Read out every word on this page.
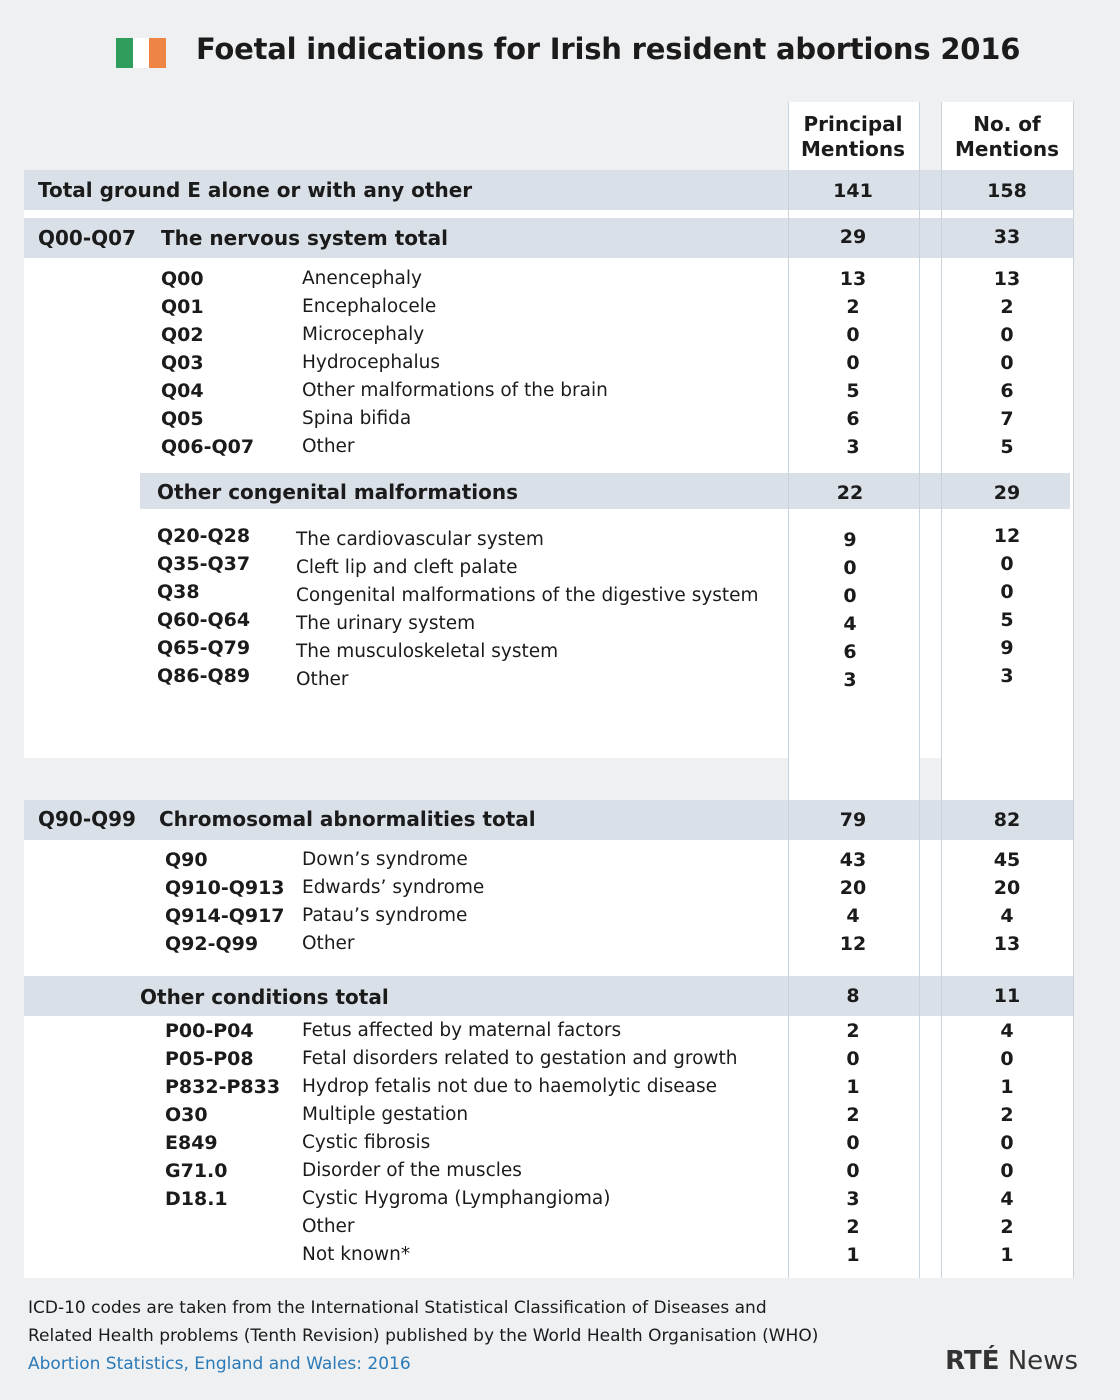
Foetal indications for Irish resident abortions 2016
Principal
Mentions
No. of
Mentions
Total ground E alone or with any other	141	158
Q00-Q07 The nervous system total	29	33
Q00	Anencephaly	13	13
Q01	Encephalocele	2	2
Q02	Microcephaly	0	0
Q03	Hydrocephalus	0	0
Q04	Other malformations of the brain	5	6
Q05	Spina bifida	6	7
Q06-Q07	Other	3	5
Other congenital malformations	22	29
Q20-Q28 The cardiovascular system	9	12
Q35-Q37 Cleft lip and cleft palate	0	0
Q38	Congenital malformations of the digestive system	0	0
Q60-Q64 The urinary system	4	5
Q65-Q79 The musculoskeletal system	6	9
Q86-Q89 Other	3	3
Q90-Q99 Chromosomal abnormalities total	79	82
Q90	Down’s syndrome	43	45
Q910-Q913 Edwards’ syndrome	20	20
Q914-Q917 Patau’s syndrome	4	4
Q92-Q99 Other	12	13
Other conditions total	8	11
P00-P04	Fetus affected by maternal factors	2	4
P05-P08	Fetal disorders related to gestation and growth	0	0
P832-P833 Hydrop fetalis not due to haemolytic disease	1	1
O30	Multiple gestation	2	2
E849	Cystic fibrosis	0	0
G71.0	Disorder of the muscles	0	0
D18.1	Cystic Hygroma (Lymphangioma)	3	4
Other	2	2
Not known*	1	1
ICD-10 codes are taken from the International Statistical Classification of Diseases and
Related Health problems (Tenth Revision) published by the World Health Organisation (WHO)
Abortion Statistics, England and Wales: 2016	RTÉ News
